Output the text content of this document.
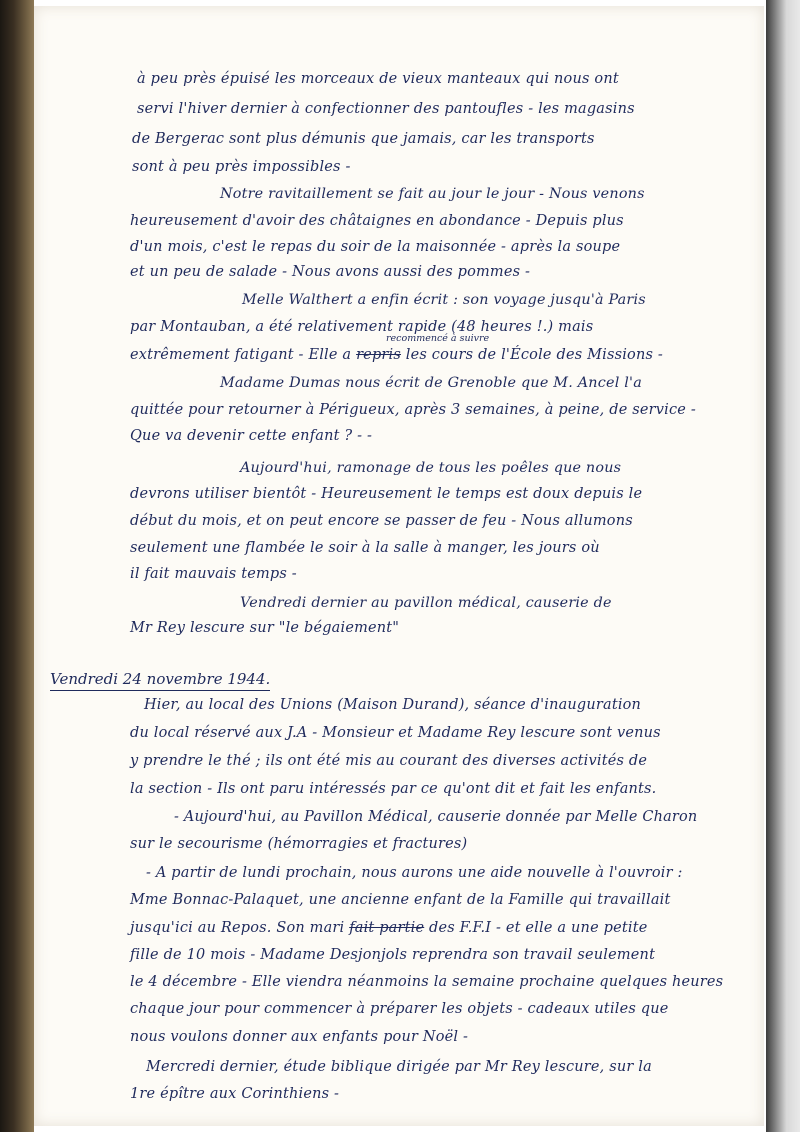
à peu près épuisé les morceaux de vieux manteaux qui nous ont
servi l'hiver dernier à confectionner des pantoufles - les magasins
de Bergerac sont plus démunis que jamais, car les transports
sont à peu près impossibles -
Notre ravitaillement se fait au jour le jour - Nous venons
heureusement d'avoir des châtaignes en abondance - Depuis plus
d'un mois, c'est le repas du soir de la maisonnée - après la soupe
et un peu de salade - Nous avons aussi des pommes -
Melle Walthert a enfin écrit : son voyage jusqu'à Paris
par Montauban, a été relativement rapide (48 heures !.) mais
recommencé à suivre
extrêmement fatigant - Elle a repris les cours de l'École des Missions -
Madame Dumas nous écrit de Grenoble que M. Ancel l'a
quittée pour retourner à Périgueux, après 3 semaines, à peine, de service -
Que va devenir cette enfant ? - -
Aujourd'hui, ramonage de tous les poêles que nous
devrons utiliser bientôt - Heureusement le temps est doux depuis le
début du mois, et on peut encore se passer de feu - Nous allumons
seulement une flambée le soir à la salle à manger, les jours où
il fait mauvais temps -
Vendredi dernier au pavillon médical, causerie de
Mr Rey lescure sur "le bégaiement"
Vendredi 24 novembre 1944.
Hier, au local des Unions (Maison Durand), séance d'inauguration
du local réservé aux J.A - Monsieur et Madame Rey lescure sont venus
y prendre le thé ; ils ont été mis au courant des diverses activités de
la section - Ils ont paru intéressés par ce qu'ont dit et fait les enfants.
- Aujourd'hui, au Pavillon Médical, causerie donnée par Melle Charon
sur le secourisme (hémorragies et fractures)
- A partir de lundi prochain, nous aurons une aide nouvelle à l'ouvroir :
Mme Bonnac-Palaquet, une ancienne enfant de la Famille qui travaillait
jusqu'ici au Repos. Son mari fait partie des F.F.I - et elle a une petite
fille de 10 mois - Madame Desjonjols reprendra son travail seulement
le 4 décembre - Elle viendra néanmoins la semaine prochaine quelques heures
chaque jour pour commencer à préparer les objets - cadeaux utiles que
nous voulons donner aux enfants pour Noël -
Mercredi dernier, étude biblique dirigée par Mr Rey lescure, sur la
1re épître aux Corinthiens -
